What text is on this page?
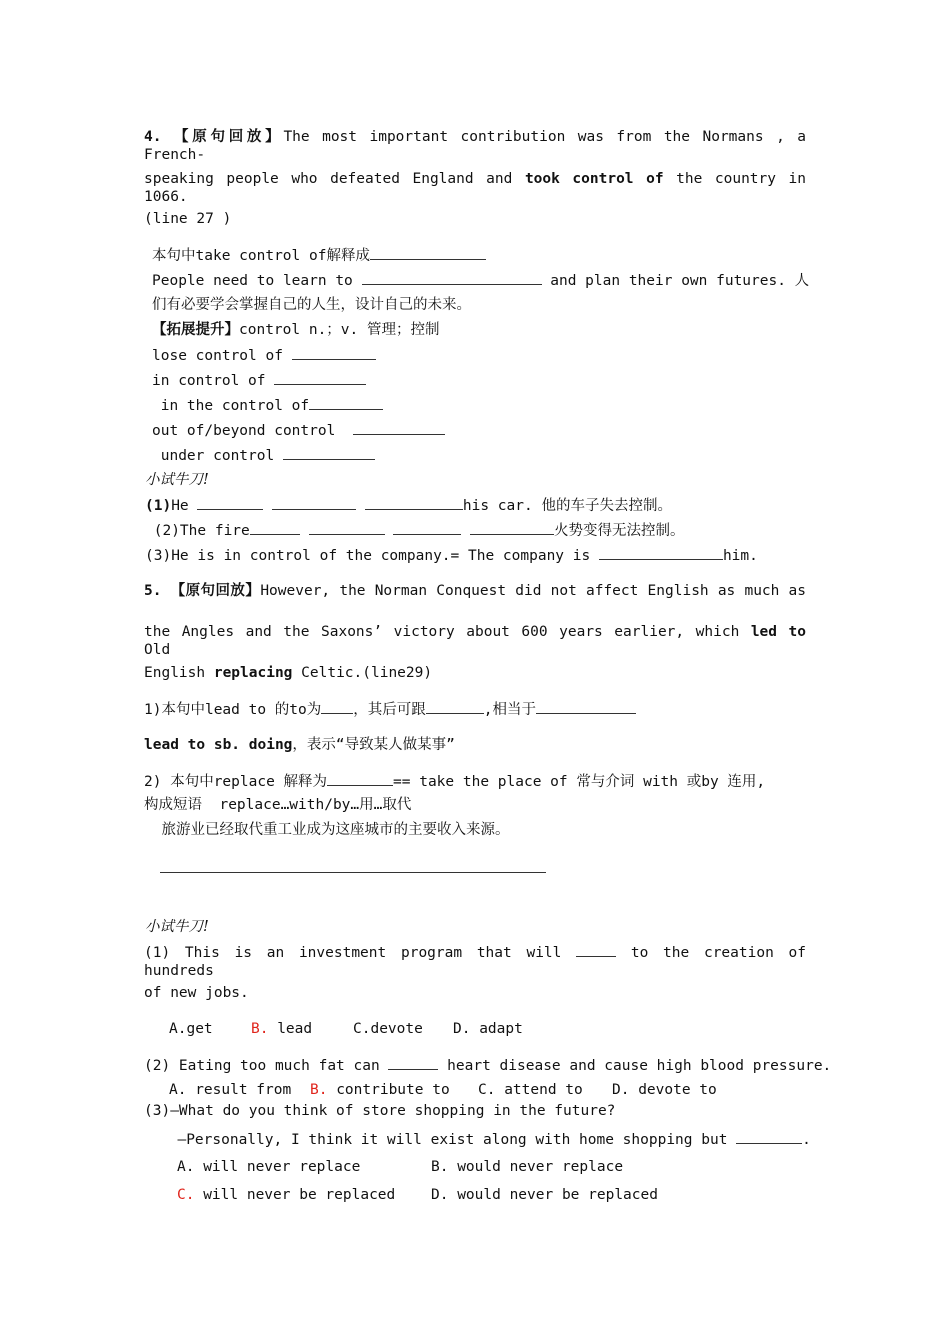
4. 【原句回放】The most important contribution was from the Normans , a French-
speaking people who defeated England and took control of the country in 1066.
(line 27 )
本句中take control of解释成
People need to learn to	and plan their own futures. 人
们有必要学会掌握自己的人生，设计自己的未来。
【拓展提升】control n.；v. 管理；控制
lose control of
in control of
in the control of
out of/beyond control
under control
小试牛刀!
(1)He	his car. 他的车子失去控制。
(2)The fire	火势变得无法控制。
(3)He is in control of the company.= The company is	him.
5. 【原句回放】However, the Norman Conquest did not affect English as much as
the Angles and the Saxons’ victory about 600 years earlier, which led to Old
English replacing Celtic.(line29)
1)本句中lead to 的to为 ，其后可跟	,相当于
lead to sb. doing，表示“导致某人做某事”
2) 本句中replace 解释为	== take the place of 常与介词 with 或by 连用,
构成短语  replace…with/by…用…取代
旅游业已经取代重工业成为这座城市的主要收入来源。
小试牛刀!
(1) This is an investment program that will	to the creation of hundreds
of new jobs.
A.get	B. lead	C.devote D. adapt
(2) Eating too much fat can	heart disease and cause high blood pressure.
A. result from B. contribute to C. attend to D. devote to
(3)—What do you think of store shopping in the future?
—Personally, I think it will exist along with home shopping but	.
A. will never replace	B. would never replace
C. will never be replaced D. would never be replaced
